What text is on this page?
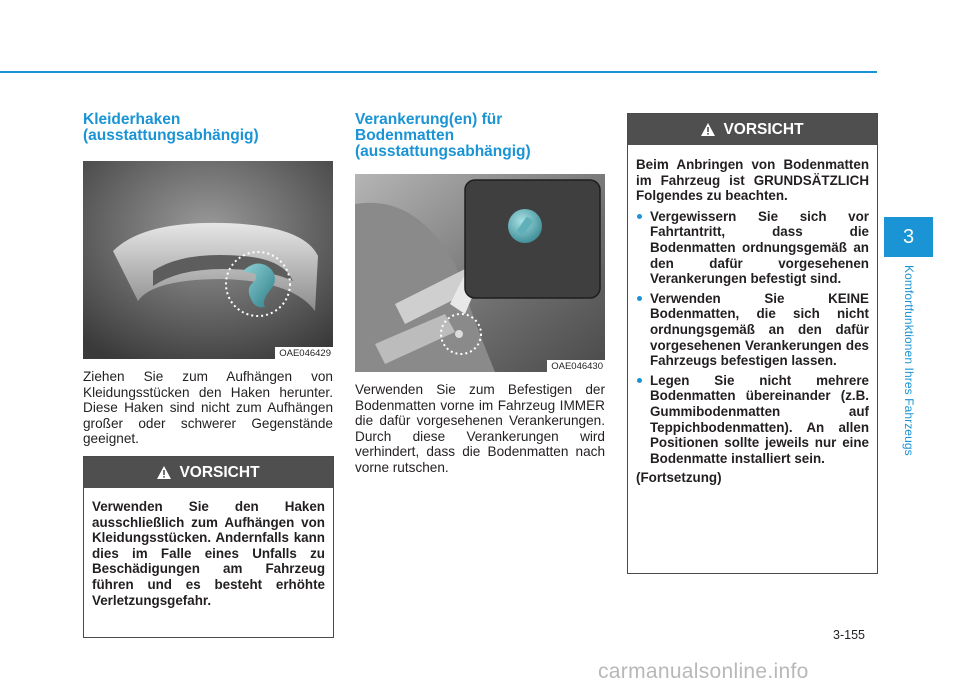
Kleiderhaken
(ausstattungsabhängig)
OAE046429

Ziehen Sie zum Aufhängen von Kleidungsstücken den Haken herunter. Diese Haken sind nicht zum Aufhängen großer oder schwerer Gegenstände geeignet.

VORSICHT

Verwenden Sie den Haken ausschließlich zum Aufhängen von Kleidungsstücken. Andernfalls kann dies im Falle eines Unfalls zu Beschädigungen am Fahrzeug führen und es besteht erhöhte Verletzungsgefahr.

Verankerung(en) für
Bodenmatten
(ausstattungsabhängig)
OAE046430

Verwenden Sie zum Befestigen der Bodenmatten vorne im Fahrzeug IMMER die dafür vorgesehenen Verankerungen. Durch diese Verankerungen wird verhindert, dass die Bodenmatten nach vorne rutschen.

VORSICHT

Beim Anbringen von Bodenmatten im Fahrzeug ist GRUNDSÄTZLICH Folgendes zu beachten.

Vergewissern Sie sich vor Fahrtantritt, dass die Bodenmatten ordnungsgemäß an den dafür vorgesehenen Verankerungen befestigt sind.
Verwenden Sie KEINE Bodenmatten, die sich nicht ordnungsgemäß an den dafür vorgesehenen Verankerungen des Fahrzeugs befestigen lassen.
Legen Sie nicht mehrere Bodenmatten übereinander (z.B. Gummibodenmatten auf Teppichbodenmatten). An allen Positionen sollte jeweils nur eine Bodenmatte installiert sein.

(Fortsetzung)

3
Komfortfunktionen Ihres Fahrzeugs
3-155
carmanualsonline.info
